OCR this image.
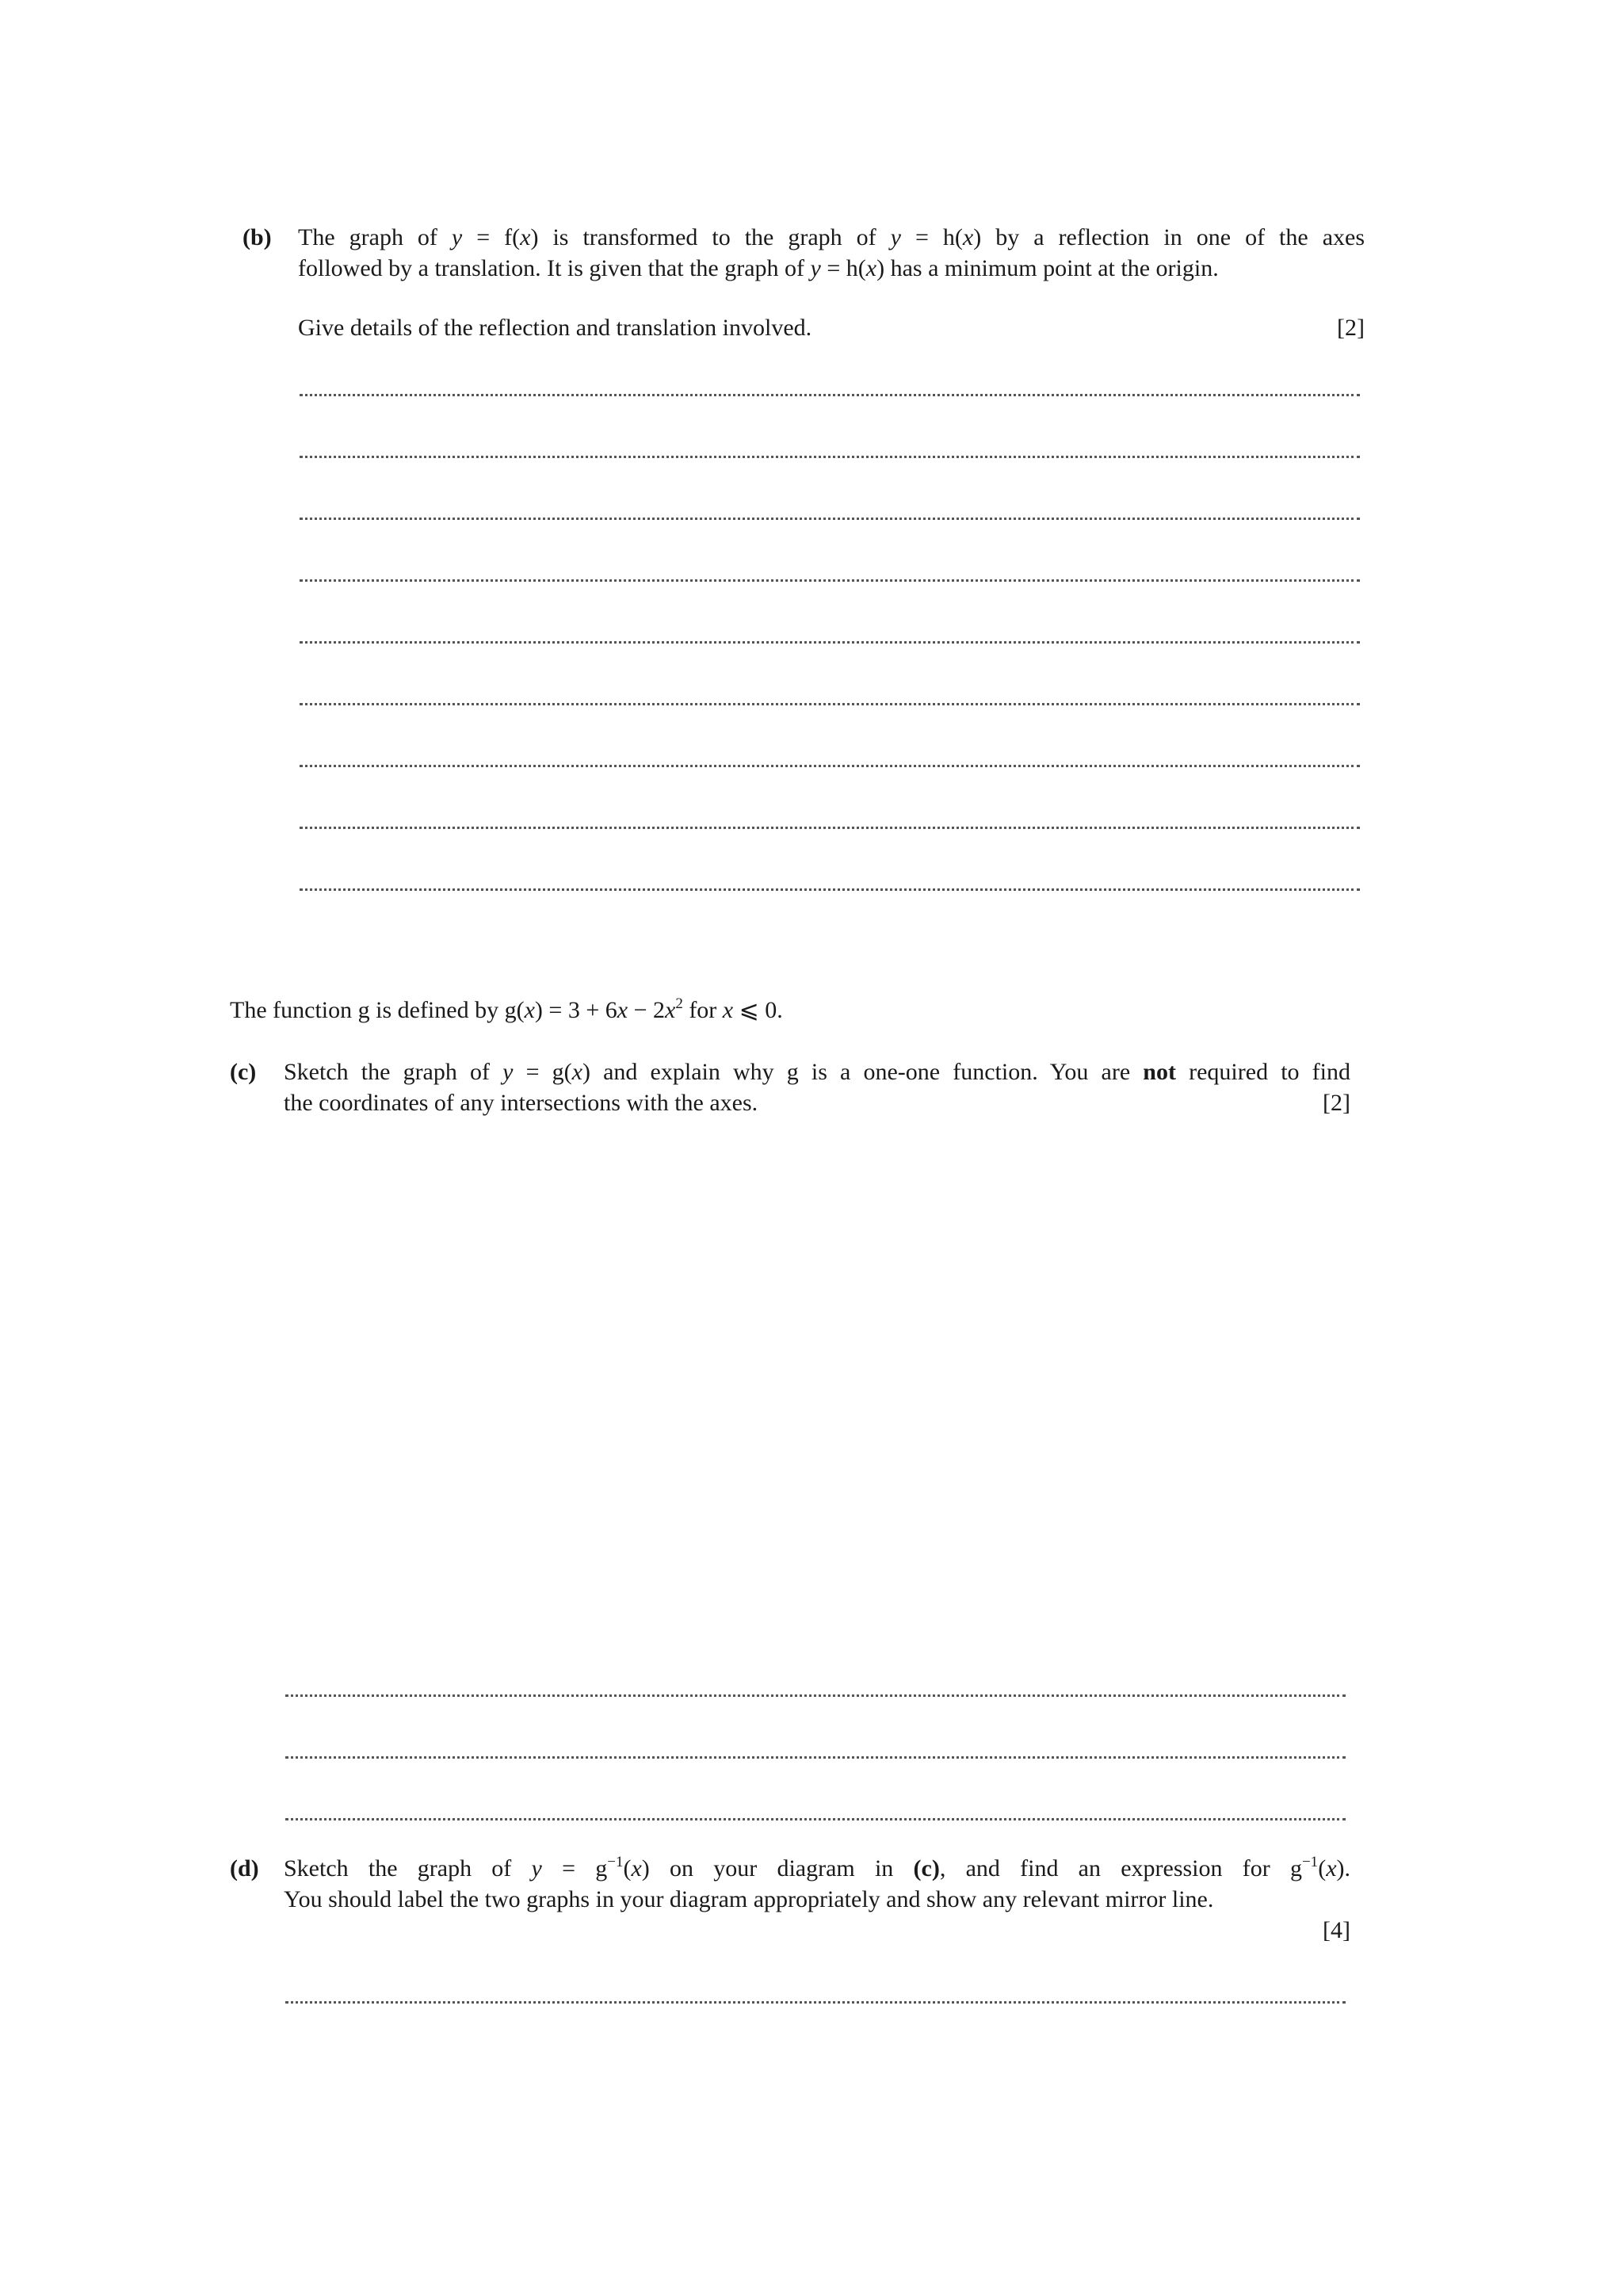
(b) The graph of y = f(x) is transformed to the graph of y = h(x) by a reflection in one of the axes
followed by a translation. It is given that the graph of y = h(x) has a minimum point at the origin.
Give details of the reflection and translation involved.	[2]
The function g is defined by $g(x) = 3 + 6x - 2x^2$ for x ⩽ 0.
(c) Sketch the graph of y = g(x) and explain why g is a one-one function. You are not required to find
the coordinates of any intersections with the axes.	[2]
(d) Sketch the graph of $y = g^{-1}(x)$ on your diagram in (c), and find an expression for $g^{-1}(x)$.
You should label the two graphs in your diagram appropriately and show any relevant mirror line.
[4]
